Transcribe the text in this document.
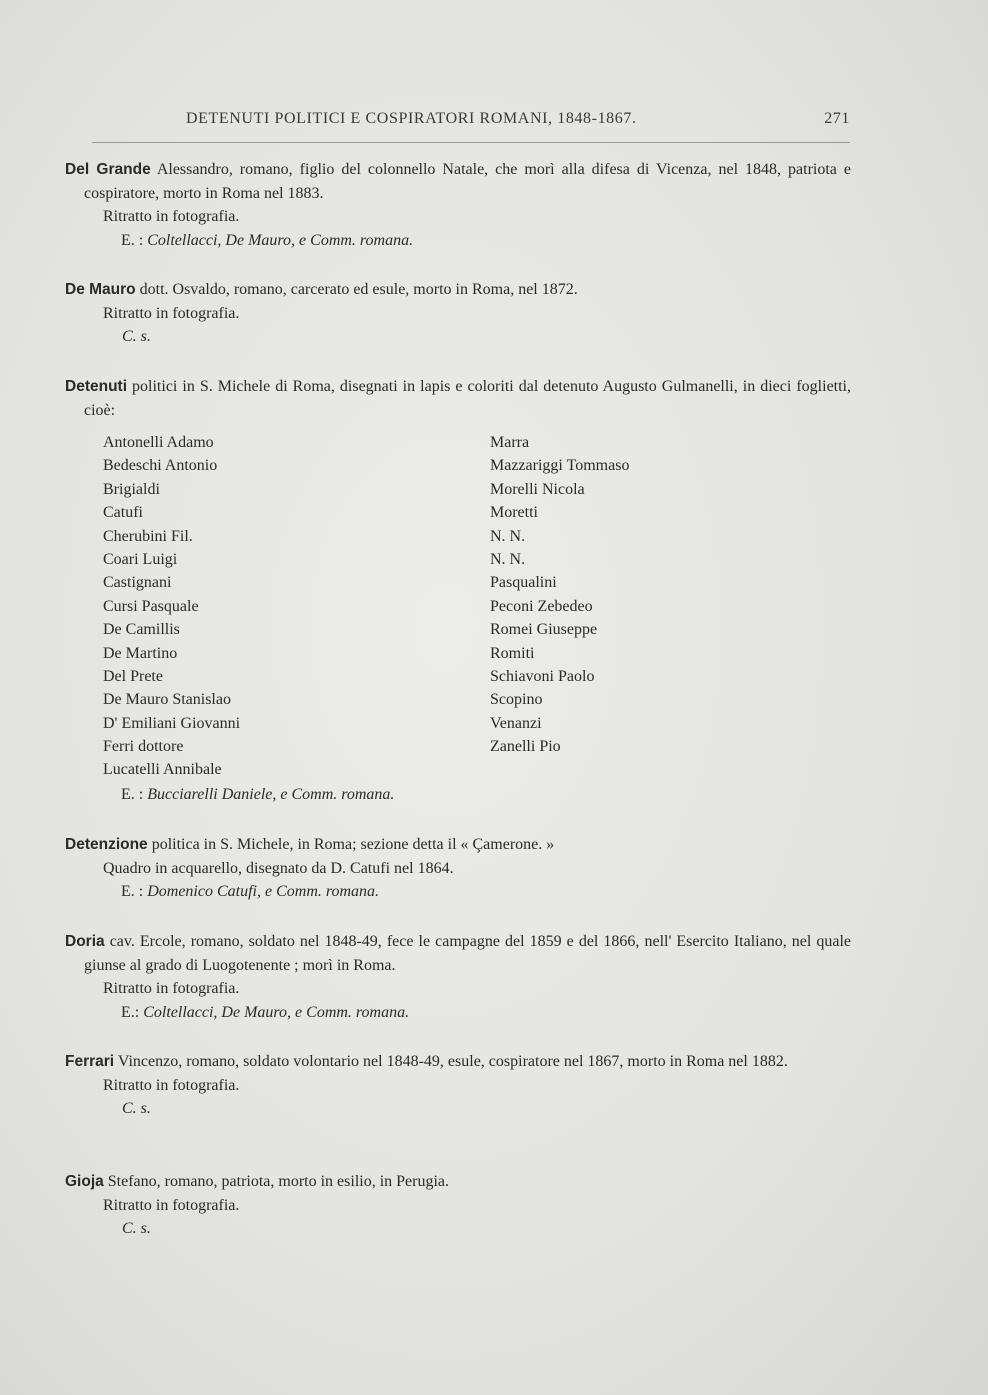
DETENUTI POLITICI E COSPIRATORI ROMANI, 1848-1867.	271

Del Grande Alessandro, romano, figlio del colonnello Natale, che morì alla difesa di Vicenza, nel 1848, patriota e cospiratore, morto in Roma nel 1883.

Ritratto in fotografia.

E. : Coltellacci, De Mauro, e Comm. romana.

De Mauro dott. Osvaldo, romano, carcerato ed esule, morto in Roma, nel 1872.

Ritratto in fotografia.

C. s.

Detenuti politici in S. Michele di Roma, disegnati in lapis e coloriti dal detenuto Augusto Gulmanelli, in dieci foglietti, cioè:

Antonelli Adamo
Bedeschi Antonio
Brigialdi
Catufi
Cherubini Fil.
Coari Luigi
Castignani
Cursi Pasquale
De Camillis
De Martino
Del Prete
De Mauro Stanislao
D' Emiliani Giovanni
Ferri dottore
Lucatelli Annibale
Marra
Mazzariggi Tommaso
Morelli Nicola
Moretti
N. N.
N. N.
Pasqualini
Peconi Zebedeo
Romei Giuseppe
Romiti
Schiavoni Paolo
Scopino
Venanzi
Zanelli Pio

E. : Bucciarelli Daniele, e Comm. romana.

Detenzione politica in S. Michele, in Roma; sezione detta il « Çamerone. »

Quadro in acquarello, disegnato da D. Catufi nel 1864.

E. : Domenico Catufi, e Comm. romana.

Doria cav. Ercole, romano, soldato nel 1848-49, fece le campagne del 1859 e del 1866, nell' Esercito Italiano, nel quale giunse al grado di Luogotenente ; morì in Roma.

Ritratto in fotografia.

E.: Coltellacci, De Mauro, e Comm. romana.

Ferrari Vincenzo, romano, soldato volontario nel 1848-49, esule, cospiratore nel 1867, morto in Roma nel 1882.

Ritratto in fotografia.

C. s.

Gioja Stefano, romano, patriota, morto in esilio, in Perugia.

Ritratto in fotografia.

C. s.
